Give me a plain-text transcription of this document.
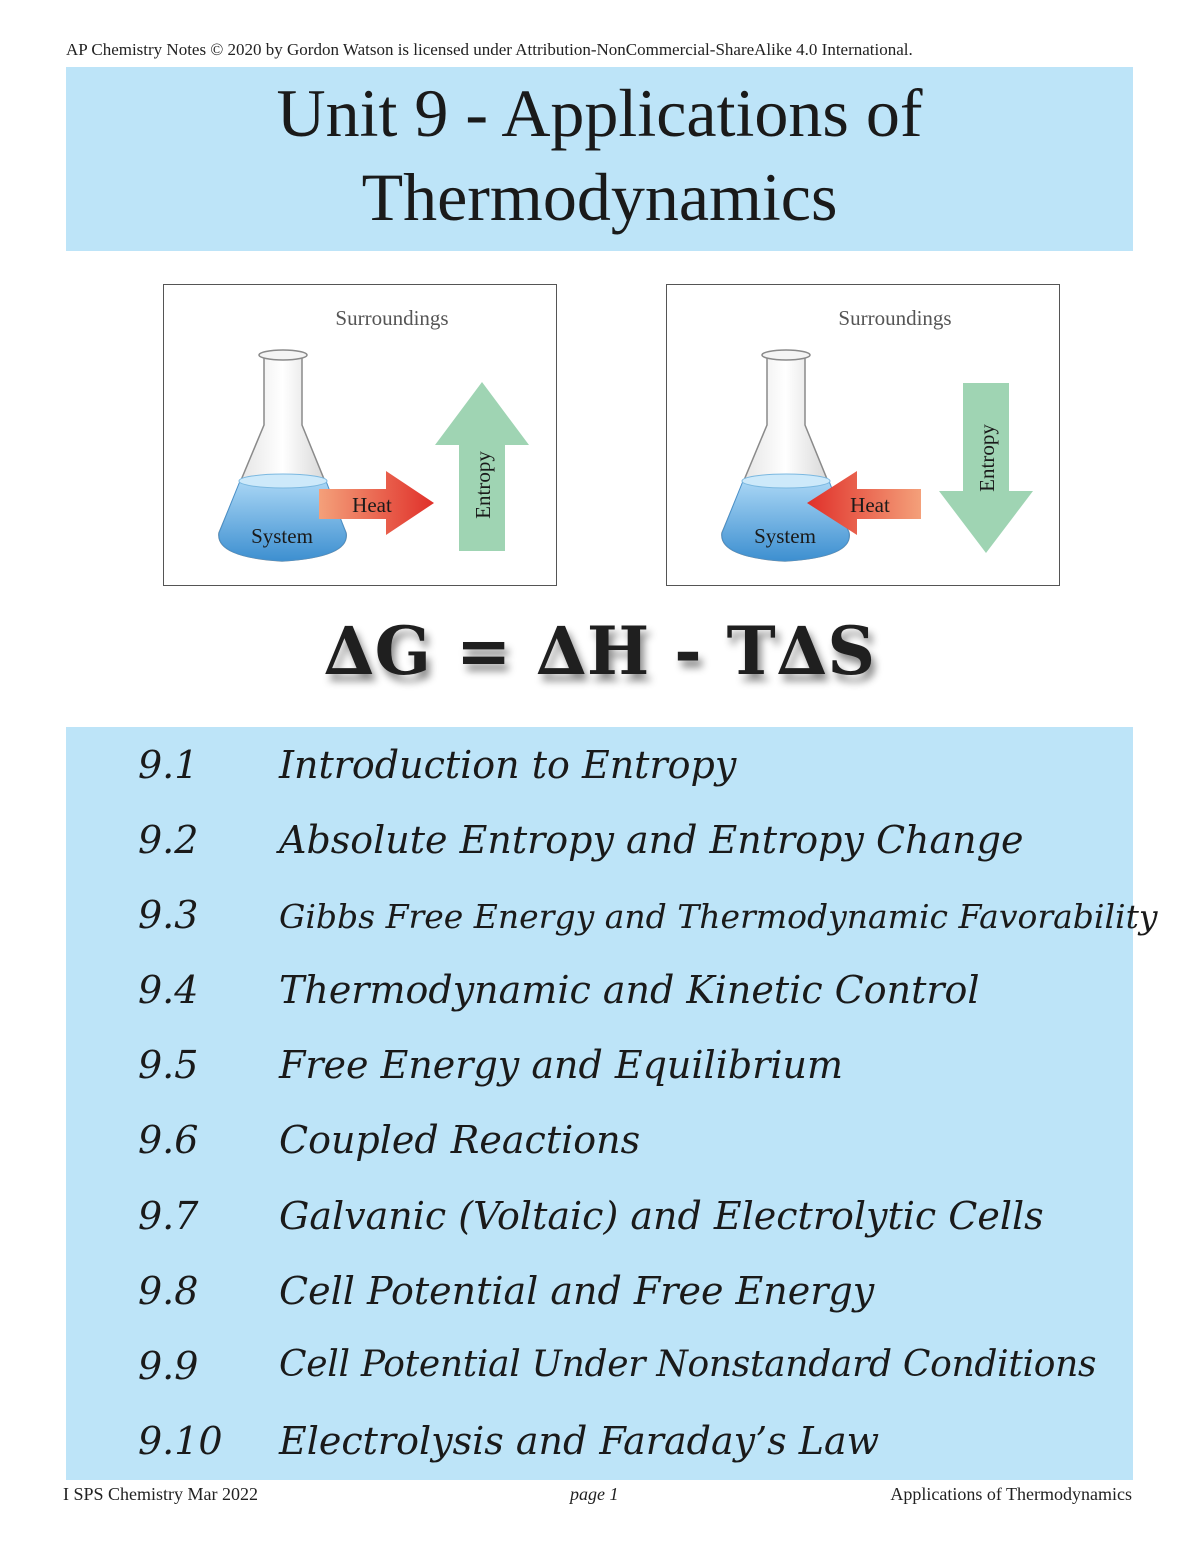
AP Chemistry Notes © 2020 by Gordon Watson is licensed under Attribution-NonCommercial-ShareAlike 4.0 International.
Unit 9 - Applications of
Thermodynamics
Surroundings
System
Heat	Entropy
Surroundings
System
Heat
Entropy
∆G = ∆H - T∆S
9.1 Introduction to Entropy
9.2 Absolute Entropy and Entropy Change
9.3 Gibbs Free Energy and Thermodynamic Favorability
9.4 Thermodynamic and Kinetic Control
9.5 Free Energy and Equilibrium
9.6 Coupled Reactions
9.7 Galvanic (Voltaic) and Electrolytic Cells
9.8 Cell Potential and Free Energy
9.9 Cell Potential Under Nonstandard Conditions
9.10 Electrolysis and Faraday’s Law
I SPS Chemistry Mar 2022	page 1	Applications of Thermodynamics
